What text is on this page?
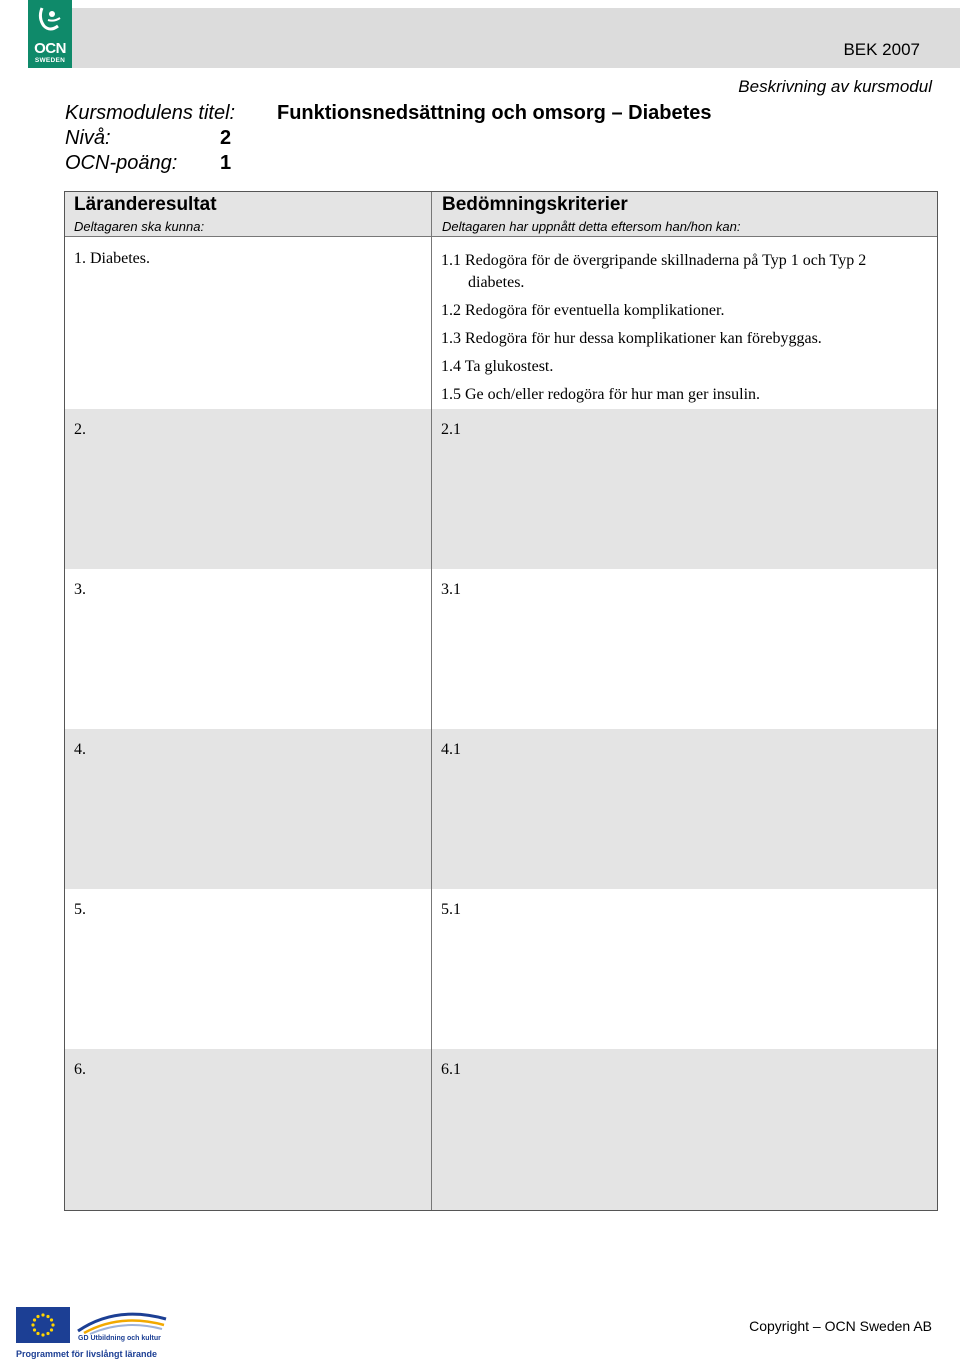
OCN
SWEDEN
BEK 2007
Beskrivning av kursmodul
Kursmodulens titel: Funktionsnedsättning och omsorg – Diabetes
Nivå:	2
OCN-poäng: 1
Läranderesultat
Deltagaren ska kunna:
Bedömningskriterier
Deltagaren har uppnått detta eftersom han/hon kan:
1. Diabetes.	1.1 Redogöra för de övergripande skillnaderna på Typ 1 och Typ 2 diabetes.
1.2 Redogöra för eventuella komplikationer.
1.3 Redogöra för hur dessa komplikationer kan förebyggas.
1.4 Ta glukostest.
1.5 Ge och/eller redogöra för hur man ger insulin.
2.	2.1
3.	3.1
4.	4.1
5.	5.1
6.	6.1
GD Utbildning och kultur
Programmet för livslångt lärande
Copyright – OCN Sweden AB
